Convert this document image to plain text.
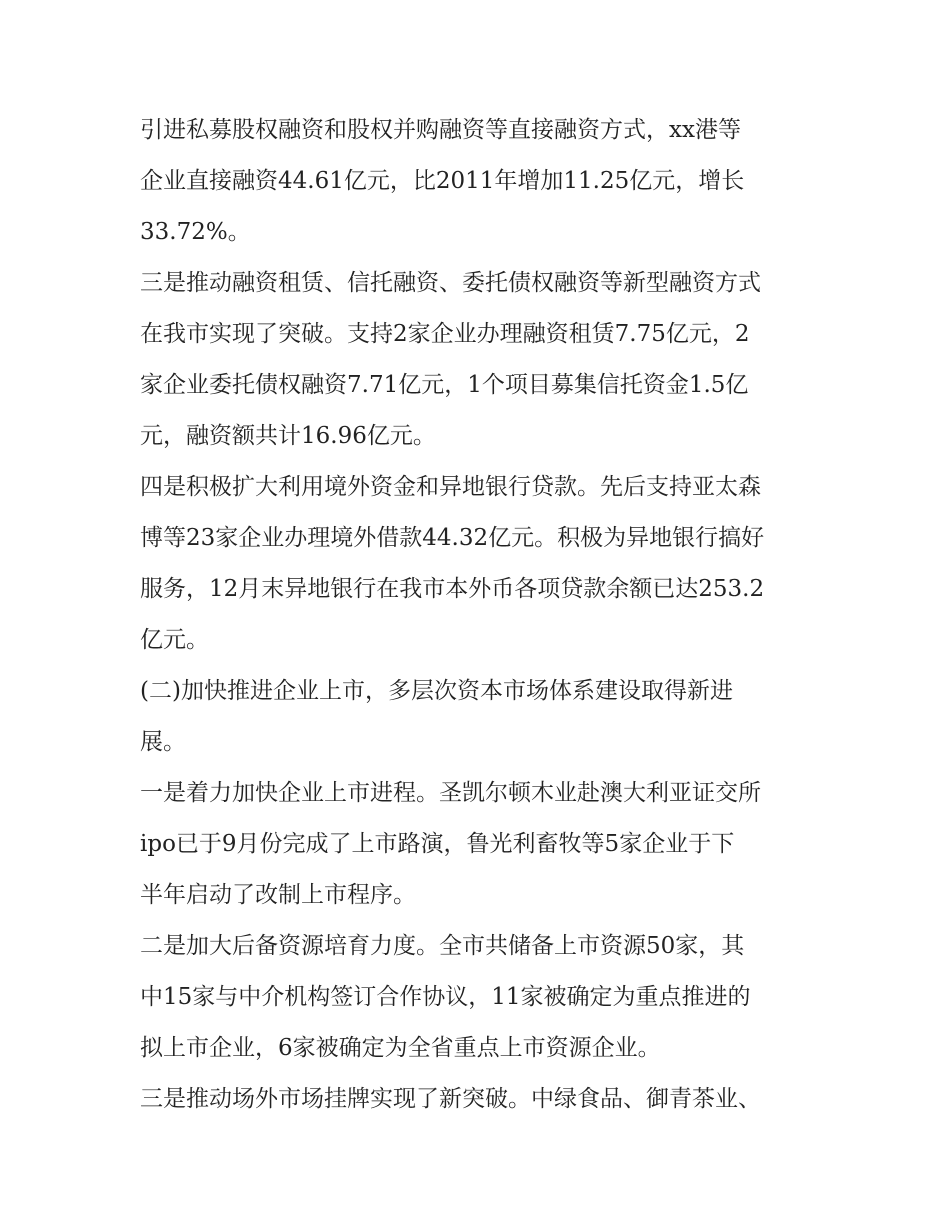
引进私募股权融资和股权并购融资等直接融资方式，xx港等
企业直接融资44.61亿元，比2011年增加11.25亿元，增长
33.72%。
三是推动融资租赁、信托融资、委托债权融资等新型融资方式
在我市实现了突破。支持2家企业办理融资租赁7.75亿元，2
家企业委托债权融资7.71亿元，1个项目募集信托资金1.5亿
元，融资额共计16.96亿元。
四是积极扩大利用境外资金和异地银行贷款。先后支持亚太森
博等23家企业办理境外借款44.32亿元。积极为异地银行搞好
服务，12月末异地银行在我市本外币各项贷款余额已达253.2
亿元。
(二)加快推进企业上市，多层次资本市场体系建设取得新进
展。
一是着力加快企业上市进程。圣凯尔顿木业赴澳大利亚证交所
ipo已于9月份完成了上市路演，鲁光利畜牧等5家企业于下
半年启动了改制上市程序。
二是加大后备资源培育力度。全市共储备上市资源50家，其
中15家与中介机构签订合作协议，11家被确定为重点推进的
拟上市企业，6家被确定为全省重点上市资源企业。
三是推动场外市场挂牌实现了新突破。中绿食品、御青茶业、
